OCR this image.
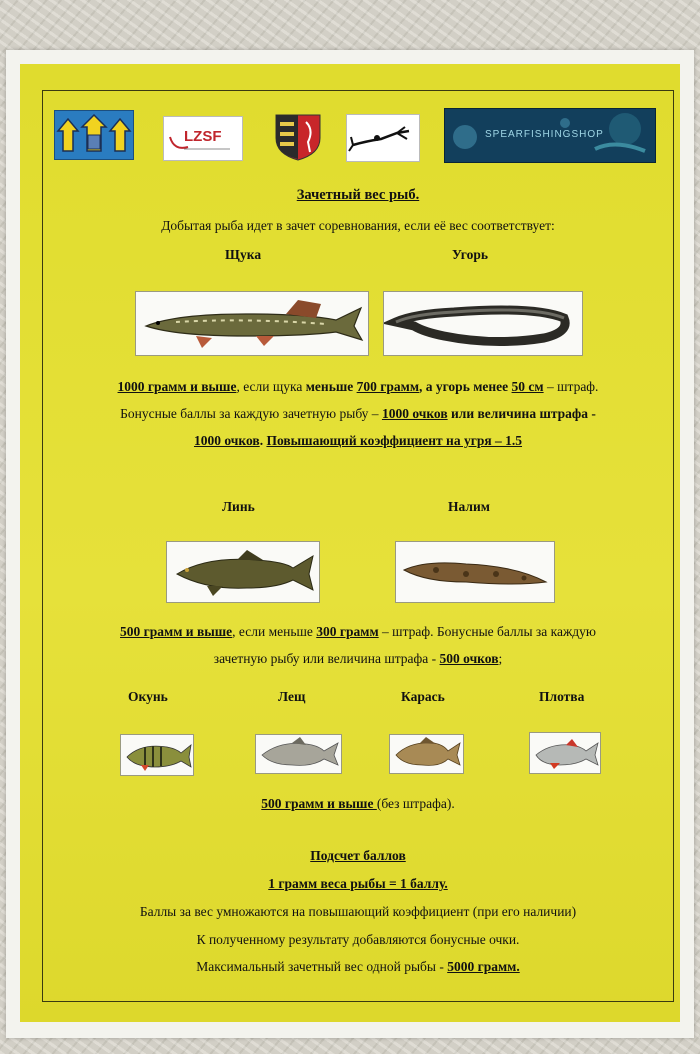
LZSF	SPEARFISHINGSHOP
Зачетный вес рыб.
Добытая рыба идет в зачет соревнования, если её вес соответствует:
Щука	Угорь
1000 грамм и выше, если щука меньше 700 грамм, а угорь менее 50 см – штраф.
Бонусные баллы за каждую зачетную рыбу – 1000 очков или величина штрафа -
1000 очков. Повышающий коэффициент на угря – 1.5
Линь	Налим
500 грамм и выше, если меньше 300 грамм – штраф. Бонусные баллы за каждую
зачетную рыбу или величина штрафа - 500 очков;
Окунь	Лещ	Карась	Плотва
500 грамм и выше (без штрафа).
Подсчет баллов
1 грамм веса рыбы = 1 баллу.
Баллы за вес умножаются на повышающий коэффициент (при его наличии)
К полученному результату добавляются бонусные очки.
Максимальный зачетный вес одной рыбы - 5000 грамм.
